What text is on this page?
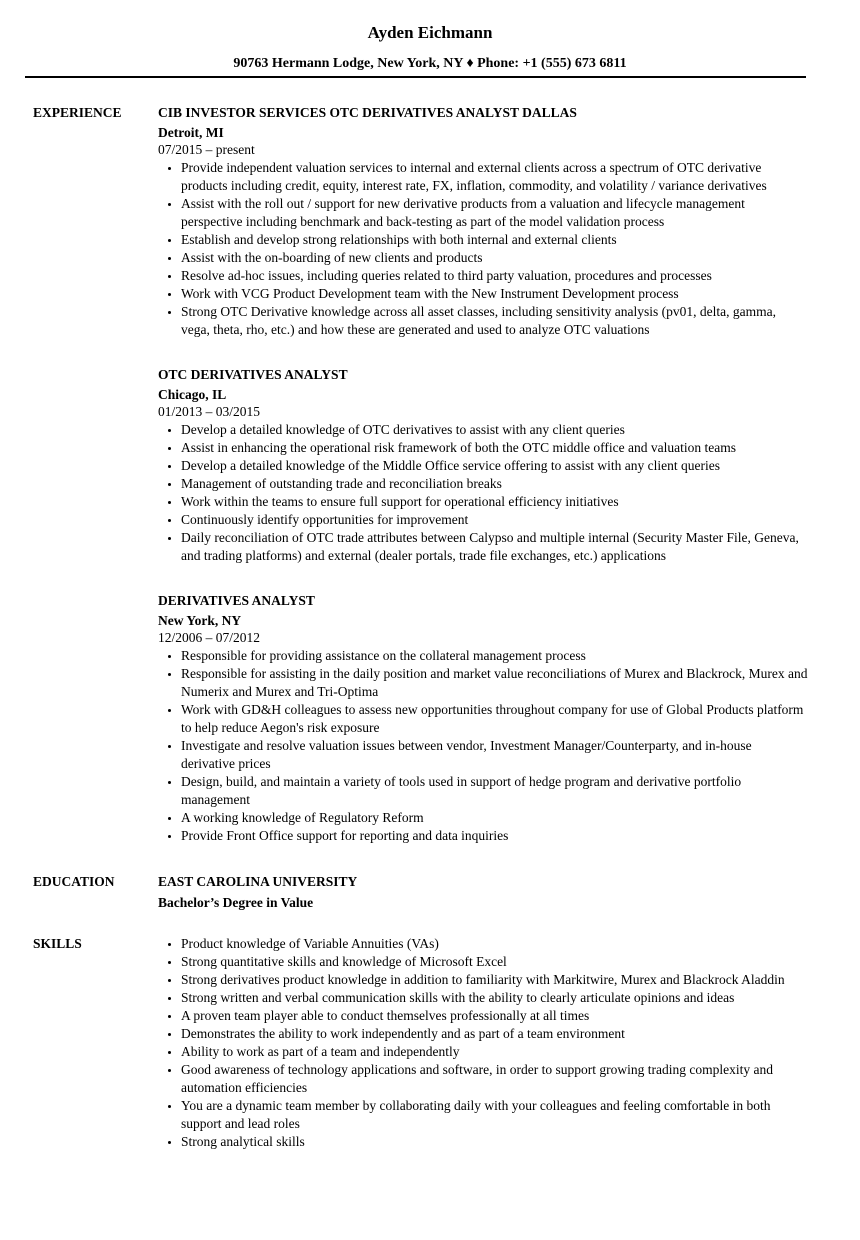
Ayden Eichmann
90763 Hermann Lodge, New York, NY ♦ Phone: +1 (555) 673 6811
EXPERIENCE	CIB INVESTOR SERVICES OTC DERIVATIVES ANALYST DALLAS
Detroit, MI
07/2015 – present
• Provide independent valuation services to internal and external clients across a spectrum of OTC derivative products including credit, equity, interest rate, FX, inflation, commodity, and volatility / variance derivatives
• Assist with the roll out / support for new derivative products from a valuation and lifecycle management perspective including benchmark and back-testing as part of the model validation process
• Establish and develop strong relationships with both internal and external clients
• Assist with the on-boarding of new clients and products
• Resolve ad-hoc issues, including queries related to third party valuation, procedures and processes
• Work with VCG Product Development team with the New Instrument Development process
• Strong OTC Derivative knowledge across all asset classes, including sensitivity analysis (pv01, delta, gamma, vega, theta, rho, etc.) and how these are generated and used to analyze OTC valuations
OTC DERIVATIVES ANALYST
Chicago, IL
01/2013 – 03/2015
• Develop a detailed knowledge of OTC derivatives to assist with any client queries
• Assist in enhancing the operational risk framework of both the OTC middle office and valuation teams
• Develop a detailed knowledge of the Middle Office service offering to assist with any client queries
• Management of outstanding trade and reconciliation breaks
• Work within the teams to ensure full support for operational efficiency initiatives
• Continuously identify opportunities for improvement
• Daily reconciliation of OTC trade attributes between Calypso and multiple internal (Security Master File, Geneva, and trading platforms) and external (dealer portals, trade file exchanges, etc.) applications
DERIVATIVES ANALYST
New York, NY
12/2006 – 07/2012
• Responsible for providing assistance on the collateral management process
• Responsible for assisting in the daily position and market value reconciliations of Murex and Blackrock, Murex and Numerix and Murex and Tri-Optima
• Work with GD&H colleagues to assess new opportunities throughout company for use of Global Products platform to help reduce Aegon's risk exposure
• Investigate and resolve valuation issues between vendor, Investment Manager/Counterparty, and in-house derivative prices
• Design, build, and maintain a variety of tools used in support of hedge program and derivative portfolio management
• A working knowledge of Regulatory Reform
• Provide Front Office support for reporting and data inquiries
EDUCATION	EAST CAROLINA UNIVERSITY
Bachelor’s Degree in Value
SKILLS	• Product knowledge of Variable Annuities (VAs)
• Strong quantitative skills and knowledge of Microsoft Excel
• Strong derivatives product knowledge in addition to familiarity with Markitwire, Murex and Blackrock Aladdin
• Strong written and verbal communication skills with the ability to clearly articulate opinions and ideas
• A proven team player able to conduct themselves professionally at all times
• Demonstrates the ability to work independently and as part of a team environment
• Ability to work as part of a team and independently
• Good awareness of technology applications and software, in order to support growing trading complexity and automation efficiencies
• You are a dynamic team member by collaborating daily with your colleagues and feeling comfortable in both support and lead roles
• Strong analytical skills
